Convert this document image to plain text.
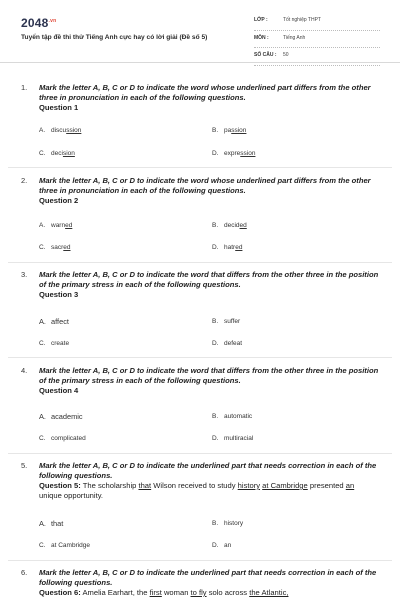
$2048^{.vn}$
Tuyển tập đề thi thử Tiếng Anh cực hay có lời giải (Đề số 5)
LỚP :	Tốt nghiệp THPT
MÔN :	Tiếng Anh
SỐ CÂU : 50
1. Mark the letter A, B, C or D to indicate the word whose underlined part differs from the other three in pronunciation in each of the following questions.
Question 1
A. discussion	B. passion
C. decision	D. expression
2. Mark the letter A, B, C or D to indicate the word whose underlined part differs from the other three in pronunciation in each of the following questions.
Question 2
A. warned	B. decided
C. sacred	D. hatred
3. Mark the letter A, B, C or D to indicate the word that differs from the other three in the position of the primary stress in each of the following questions.
Question 3
A. affect	B. suffer
C. create	D. defeat
4. Mark the letter A, B, C or D to indicate the word that differs from the other three in the position of the primary stress in each of the following questions.
Question 4
A. academic	B. automatic
C. complicated	D. multiracial
5. Mark the letter A, B, C or D to indicate the underlined part that needs correction in each of the following questions.
Question 5: The scholarship that Wilson received to study history at Cambridge presented an unique opportunity.
A. that	B. history
C. at Cambridge	D. an
6. Mark the letter A, B, C or D to indicate the underlined part that needs correction in each of the following questions.
Question 6: Amelia Earhart, the first woman to fly solo across the Atlantic,
